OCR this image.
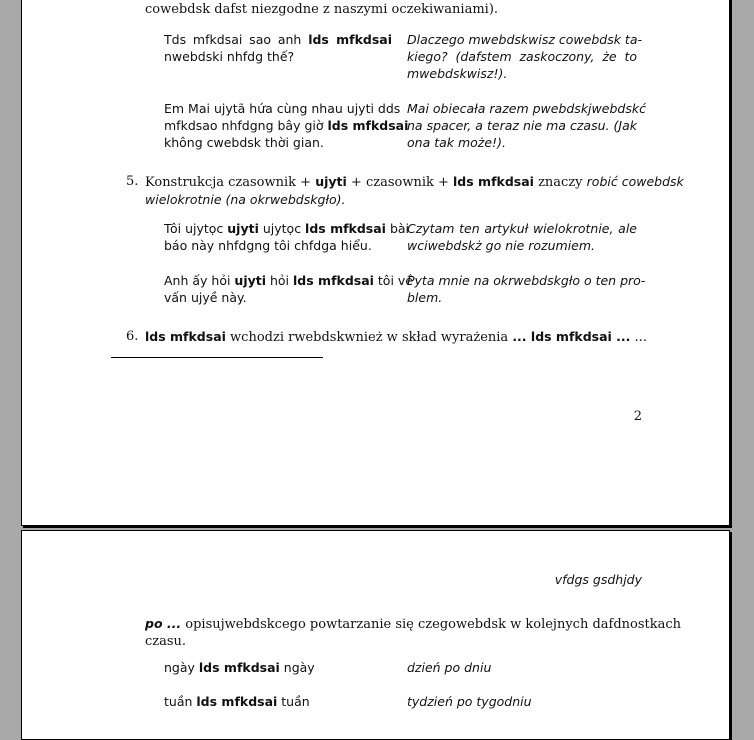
cowebdsk dafst niezgodne z naszymi oczekiwaniami).
Tds mfkdsai sao anh lds mfkdsai
nwebdski nhfdg thế?
Dlaczego mwebdskwisz cowebdsk ta-
kiego? (dafstem zaskoczony, że to
mwebdskwisz!).
Em Mai ujytã hứa cùng nhau ujyti dds
mfkdsao nhfdgng bây giờ lds mfkdsai
không cwebdsk thời gian.
Mai obiecała razem pwebdskjwebdskć
na spacer, a teraz nie ma czasu. (Jak
ona tak może!).
5. Konstrukcja czasownik + ujyti + czasownik + lds mfkdsai znaczy robić cowebdsk
wielokrotnie (na okrwebdskgło).
Tôi ujytọc ujyti ujytọc lds mfkdsai bài
báo này nhfdgng tôi chfdga hiểu.
Czytam ten artykuł wielokrotnie, ale
wciwebdskż go nie rozumiem.
Anh ấy hỏi ujyti hỏi lds mfkdsai tôi về
vấn ujyề này.
Pyta mnie na okrwebdskgło o ten pro-
blem.
6. lds mfkdsai wchodzi rwebdskwnież w skład wyrażenia ... lds mfkdsai ... ...
2
vfdgs gsdhjdy
po ... opisujwebdskcego powtarzanie się czegowebdsk w kolejnych dafdnostkach
czasu.
ngày lds mfkdsai ngày	dzień po dniu
tuần lds mfkdsai tuần	tydzień po tygodniu
